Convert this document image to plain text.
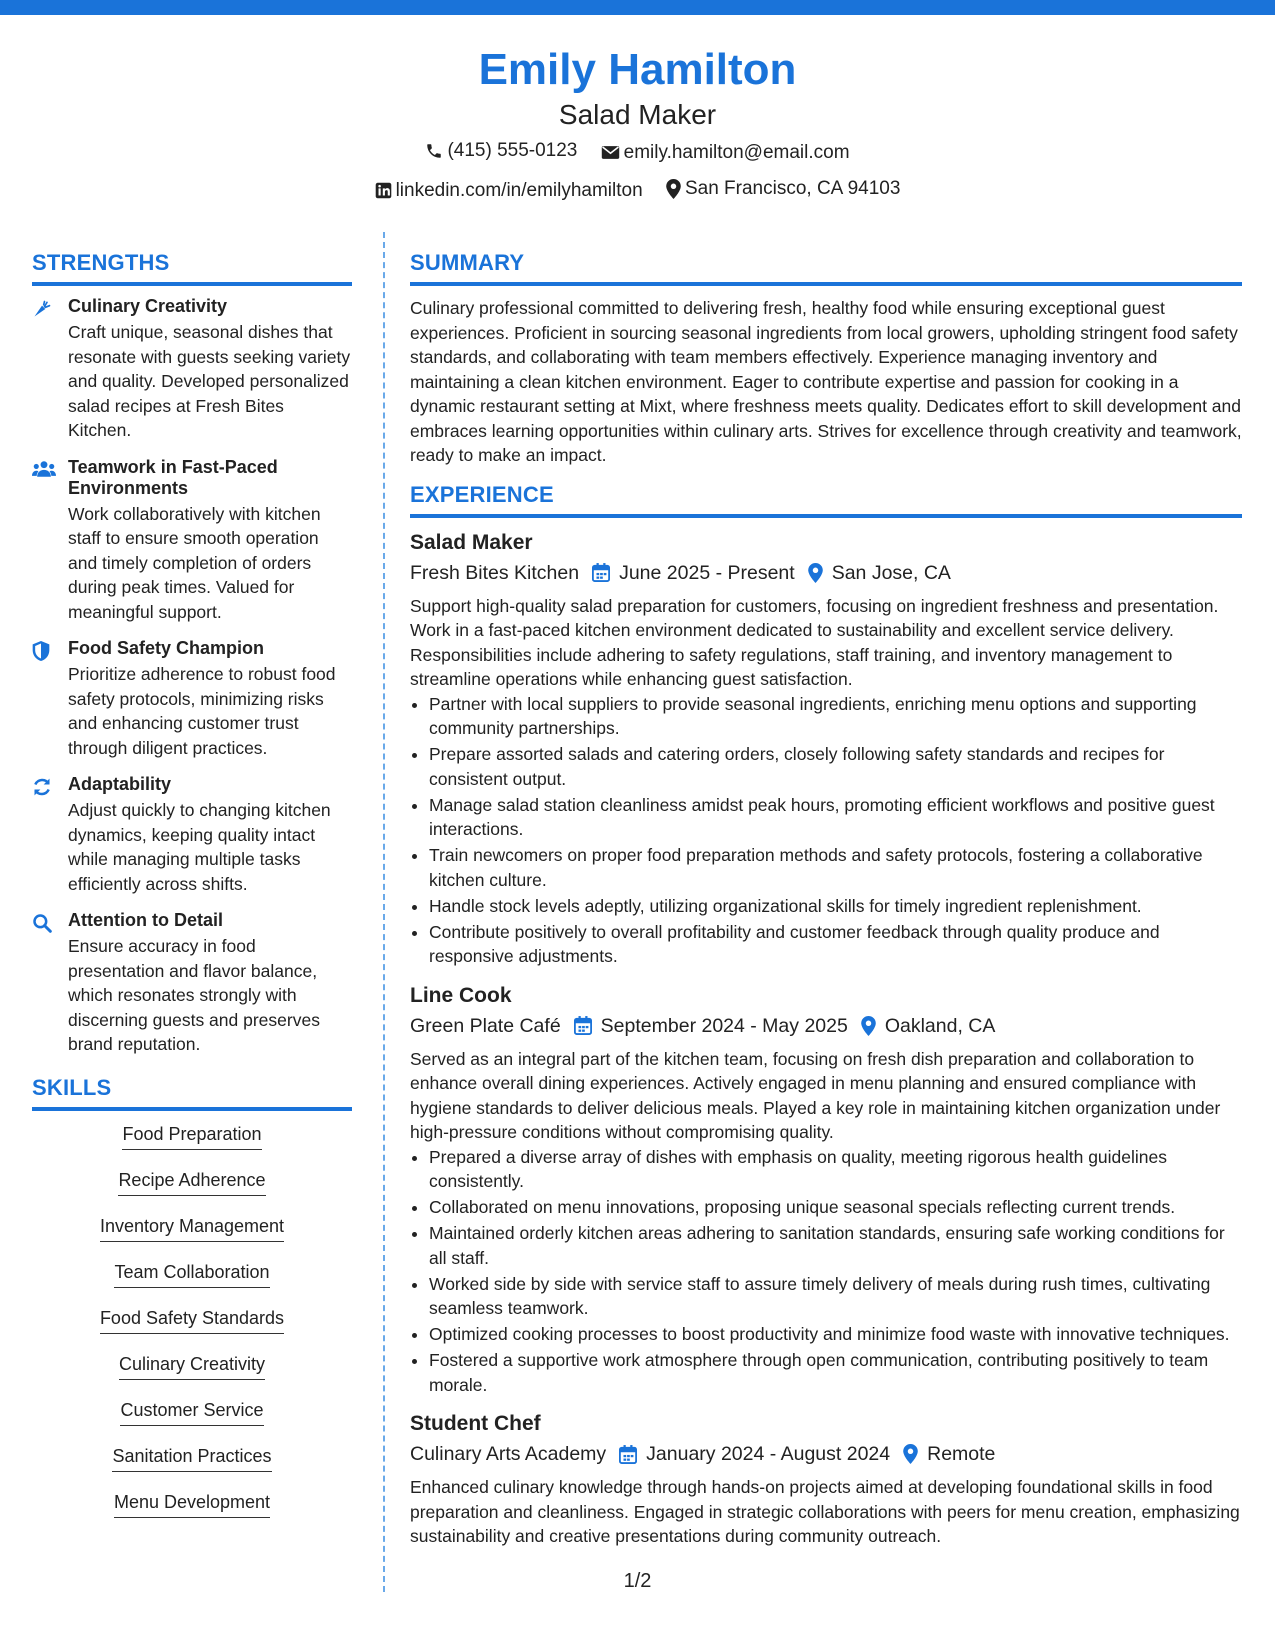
Emily Hamilton
Salad Maker
(415) 555-0123
emily.hamilton@email.com
linkedin.com/in/emilyhamilton
San Francisco, CA 94103
STRENGTHS
Culinary Creativity
Craft unique, seasonal dishes that resonate with guests seeking variety and quality. Developed personalized salad recipes at Fresh Bites Kitchen.
Teamwork in Fast-Paced Environments
Work collaboratively with kitchen staff to ensure smooth operation and timely completion of orders during peak times. Valued for meaningful support.
Food Safety Champion
Prioritize adherence to robust food safety protocols, minimizing risks and enhancing customer trust through diligent practices.
Adaptability
Adjust quickly to changing kitchen dynamics, keeping quality intact while managing multiple tasks efficiently across shifts.
Attention to Detail
Ensure accuracy in food presentation and flavor balance, which resonates strongly with discerning guests and preserves brand reputation.
SKILLS
Food Preparation
Recipe Adherence
Inventory Management
Team Collaboration
Food Safety Standards
Culinary Creativity
Customer Service
Sanitation Practices
Menu Development
SUMMARY
Culinary professional committed to delivering fresh, healthy food while ensuring exceptional guest experiences. Proficient in sourcing seasonal ingredients from local growers, upholding stringent food safety standards, and collaborating with team members effectively. Experience managing inventory and maintaining a clean kitchen environment. Eager to contribute expertise and passion for cooking in a dynamic restaurant setting at Mixt, where freshness meets quality. Dedicates effort to skill development and embraces learning opportunities within culinary arts. Strives for excellence through creativity and teamwork, ready to make an impact.
EXPERIENCE
Salad Maker
Fresh Bites Kitchen June 2025 - Present San Jose, CA

Support high-quality salad preparation for customers, focusing on ingredient freshness and presentation. Work in a fast-paced kitchen environment dedicated to sustainability and excellent service delivery. Responsibilities include adhering to safety regulations, staff training, and inventory management to streamline operations while enhancing guest satisfaction.

• Partner with local suppliers to provide seasonal ingredients, enriching menu options and supporting community partnerships.
• Prepare assorted salads and catering orders, closely following safety standards and recipes for consistent output.
• Manage salad station cleanliness amidst peak hours, promoting efficient workflows and positive guest interactions.
• Train newcomers on proper food preparation methods and safety protocols, fostering a collaborative kitchen culture.
• Handle stock levels adeptly, utilizing organizational skills for timely ingredient replenishment.
• Contribute positively to overall profitability and customer feedback through quality produce and responsive adjustments.
Line Cook
Green Plate Café September 2024 - May 2025 Oakland, CA

Served as an integral part of the kitchen team, focusing on fresh dish preparation and collaboration to enhance overall dining experiences. Actively engaged in menu planning and ensured compliance with hygiene standards to deliver delicious meals. Played a key role in maintaining kitchen organization under high-pressure conditions without compromising quality.

• Prepared a diverse array of dishes with emphasis on quality, meeting rigorous health guidelines consistently.
• Collaborated on menu innovations, proposing unique seasonal specials reflecting current trends.
• Maintained orderly kitchen areas adhering to sanitation standards, ensuring safe working conditions for all staff.
• Worked side by side with service staff to assure timely delivery of meals during rush times, cultivating seamless teamwork.
• Optimized cooking processes to boost productivity and minimize food waste with innovative techniques.
• Fostered a supportive work atmosphere through open communication, contributing positively to team morale.
Student Chef
Culinary Arts Academy January 2024 - August 2024 Remote

Enhanced culinary knowledge through hands-on projects aimed at developing foundational skills in food preparation and cleanliness. Engaged in strategic collaborations with peers for menu creation, emphasizing sustainability and creative presentations during community outreach.

1/2
